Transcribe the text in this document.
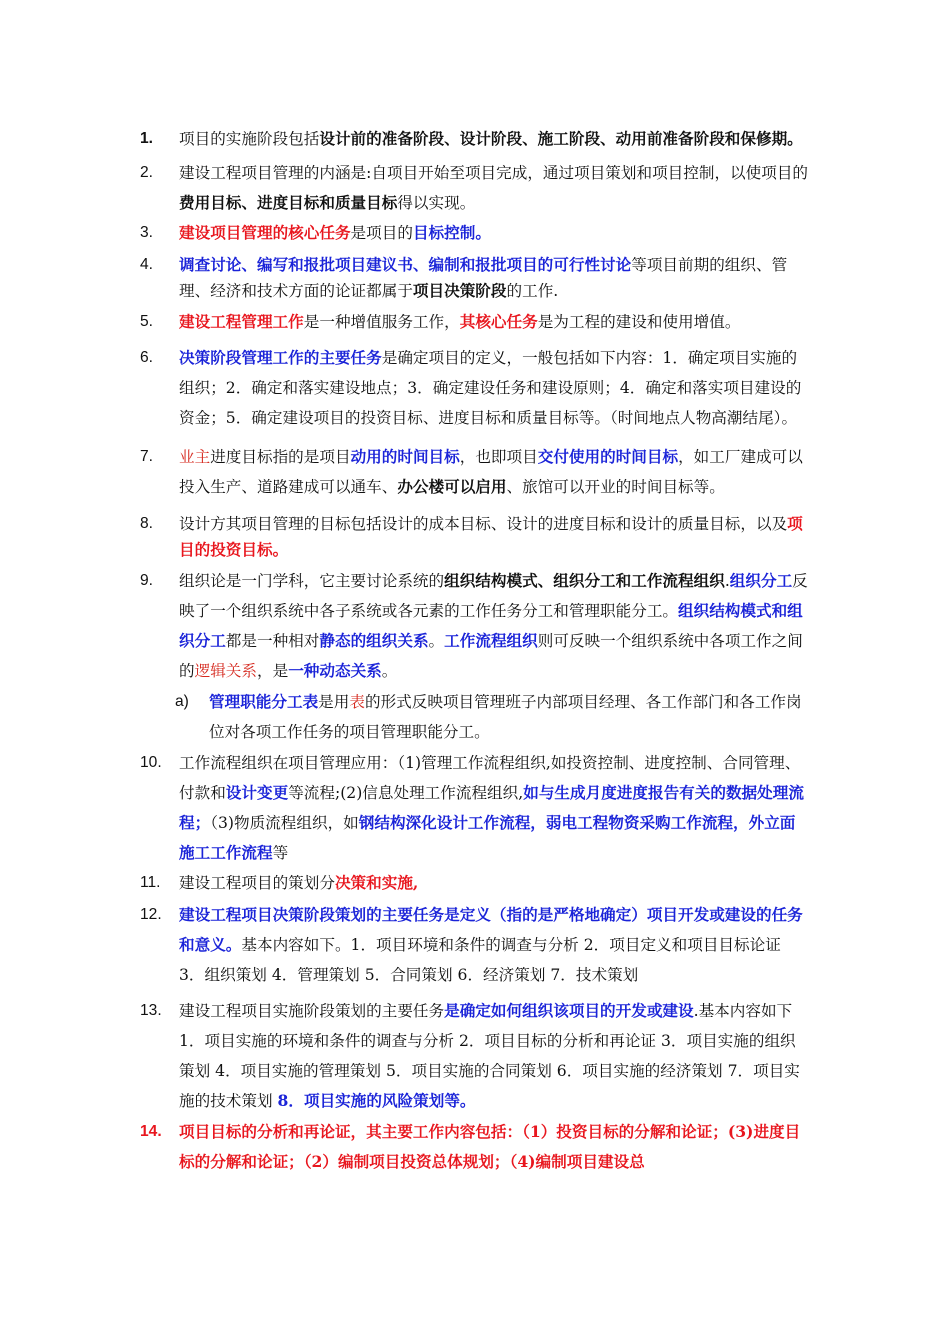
1.	项目的实施阶段包括设计前的准备阶段、设计阶段、施工阶段、动用前准备阶段和保修期。
2.	建设工程项目管理的内涵是:自项目开始至项目完成，通过项目策划和项目控制，以使项目的费用目标、进度目标和质量目标得以实现。
3.	建设项目管理的核心任务是项目的目标控制。
4.	调查讨论、编写和报批项目建议书、编制和报批项目的可行性讨论等项目前期的组织、管理、经济和技术方面的论证都属于项目决策阶段的工作.
5.	建设工程管理工作是一种增值服务工作，其核心任务是为工程的建设和使用增值。
6.	决策阶段管理工作的主要任务是确定项目的定义，一般包括如下内容：1．确定项目实施的组织；2．确定和落实建设地点；3．确定建设任务和建设原则；4．确定和落实项目建设的资金；5．确定建设项目的投资目标、进度目标和质量目标等。（时间地点人物高潮结尾）。
7.	业主进度目标指的是项目动用的时间目标，也即项目交付使用的时间目标，如工厂建成可以投入生产、道路建成可以通车、办公楼可以启用、旅馆可以开业的时间目标等。
8.	设计方其项目管理的目标包括设计的成本目标、设计的进度目标和设计的质量目标，以及项目的投资目标。
9.	组织论是一门学科，它主要讨论系统的组织结构模式、组织分工和工作流程组织.组织分工反映了一个组织系统中各子系统或各元素的工作任务分工和管理职能分工。组织结构模式和组织分工都是一种相对静态的组织关系。工作流程组织则可反映一个组织系统中各项工作之间的逻辑关系，是一种动态关系。
a)	管理职能分工表是用表的形式反映项目管理班子内部项目经理、各工作部门和各工作岗位对各项工作任务的项目管理职能分工。
10.	工作流程组织在项目管理应用：（1)管理工作流程组织,如投资控制、进度控制、合同管理、付款和设计变更等流程;(2)信息处理工作流程组织,如与生成月度进度报告有关的数据处理流程；（3)物质流程组织，如钢结构深化设计工作流程，弱电工程物资采购工作流程，外立面施工工作流程等
11.	建设工程项目的策划分决策和实施,
12.	建设工程项目决策阶段策划的主要任务是定义（指的是严格地确定）项目开发或建设的任务和意义。基本内容如下。1．项目环境和条件的调查与分析 2．项目定义和项目目标论证 3．组织策划 4．管理策划 5．合同策划 6．经济策划 7．技术策划
13.	建设工程项目实施阶段策划的主要任务是确定如何组织该项目的开发或建设.基本内容如下 1．项目实施的环境和条件的调查与分析 2．项目目标的分析和再论证 3．项目实施的组织策划 4．项目实施的管理策划 5．项目实施的合同策划 6．项目实施的经济策划 7．项目实施的技术策划 8．项目实施的风险策划等。
14.	项目目标的分析和再论证，其主要工作内容包括：（1）投资目标的分解和论证；(3)进度目标的分解和论证；（2）编制项目投资总体规划；（4)编制项目建设总
